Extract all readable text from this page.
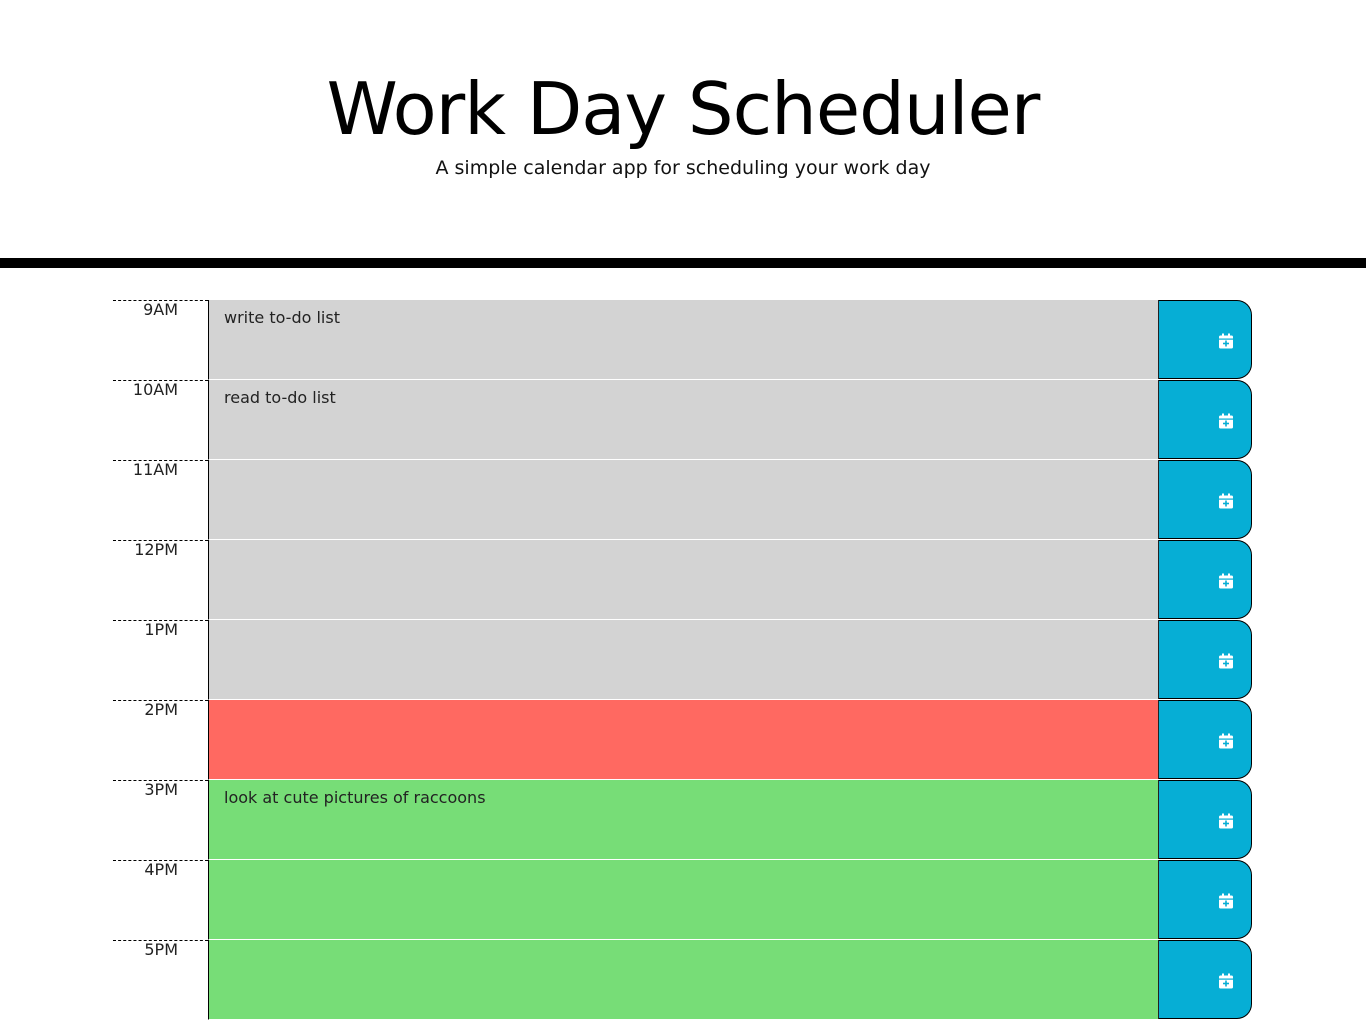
Work Day Scheduler
A simple calendar app for scheduling your work day
9AM
write to-do list
10AM
read to-do list
11AM
12PM
1PM
2PM
3PM
look at cute pictures of raccoons
4PM
5PM
